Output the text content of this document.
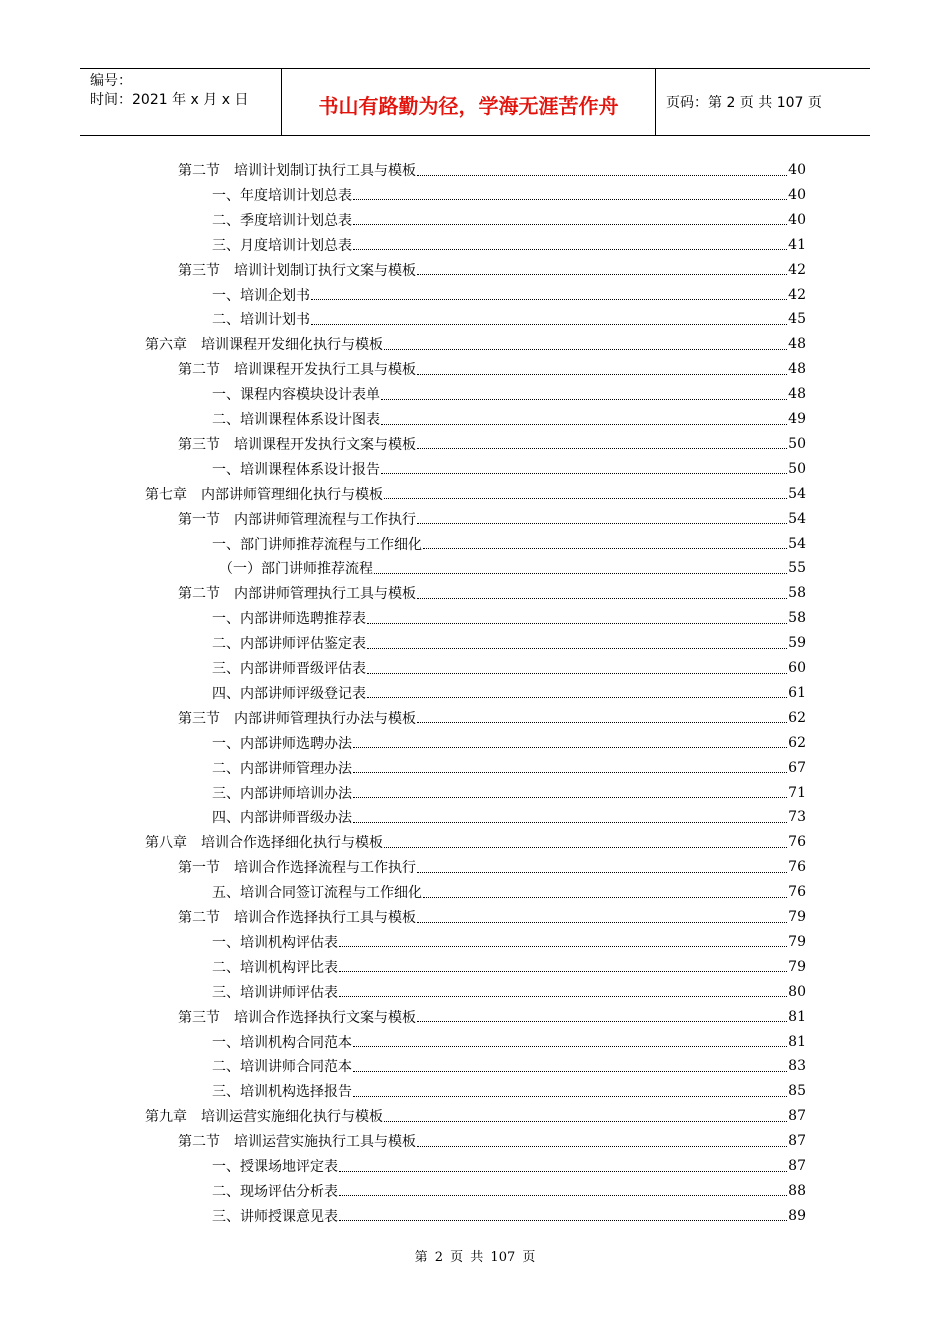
编号：
时间：2021 年 x 月 x 日	书山有路勤为径，学海无涯苦作舟	页码：第 2 页 共 107 页
第二节　培训计划制订执行工具与模板	40
一、年度培训计划总表	40
二、季度培训计划总表	40
三、月度培训计划总表	41
第三节　培训计划制订执行文案与模板	42
一、培训企划书	42
二、培训计划书	45
第六章　培训课程开发细化执行与模板	48
第二节　培训课程开发执行工具与模板	48
一、课程内容模块设计表单	48
二、培训课程体系设计图表	49
第三节　培训课程开发执行文案与模板	50
一、培训课程体系设计报告	50
第七章　内部讲师管理细化执行与模板	54
第一节　内部讲师管理流程与工作执行	54
一、部门讲师推荐流程与工作细化	54
（一）部门讲师推荐流程	55
第二节　内部讲师管理执行工具与模板	58
一、内部讲师选聘推荐表	58
二、内部讲师评估鉴定表	59
三、内部讲师晋级评估表	60
四、内部讲师评级登记表	61
第三节　内部讲师管理执行办法与模板	62
一、内部讲师选聘办法	62
二、内部讲师管理办法	67
三、内部讲师培训办法	71
四、内部讲师晋级办法	73
第八章　培训合作选择细化执行与模板	76
第一节　培训合作选择流程与工作执行	76
五、培训合同签订流程与工作细化	76
第二节　培训合作选择执行工具与模板	79
一、培训机构评估表	79
二、培训机构评比表	79
三、培训讲师评估表	80
第三节　培训合作选择执行文案与模板	81
一、培训机构合同范本	81
二、培训讲师合同范本	83
三、培训机构选择报告	85
第九章　培训运营实施细化执行与模板	87
第二节　培训运营实施执行工具与模板	87
一、授课场地评定表	87
二、现场评估分析表	88
三、讲师授课意见表	89
第 2 页 共 107 页
